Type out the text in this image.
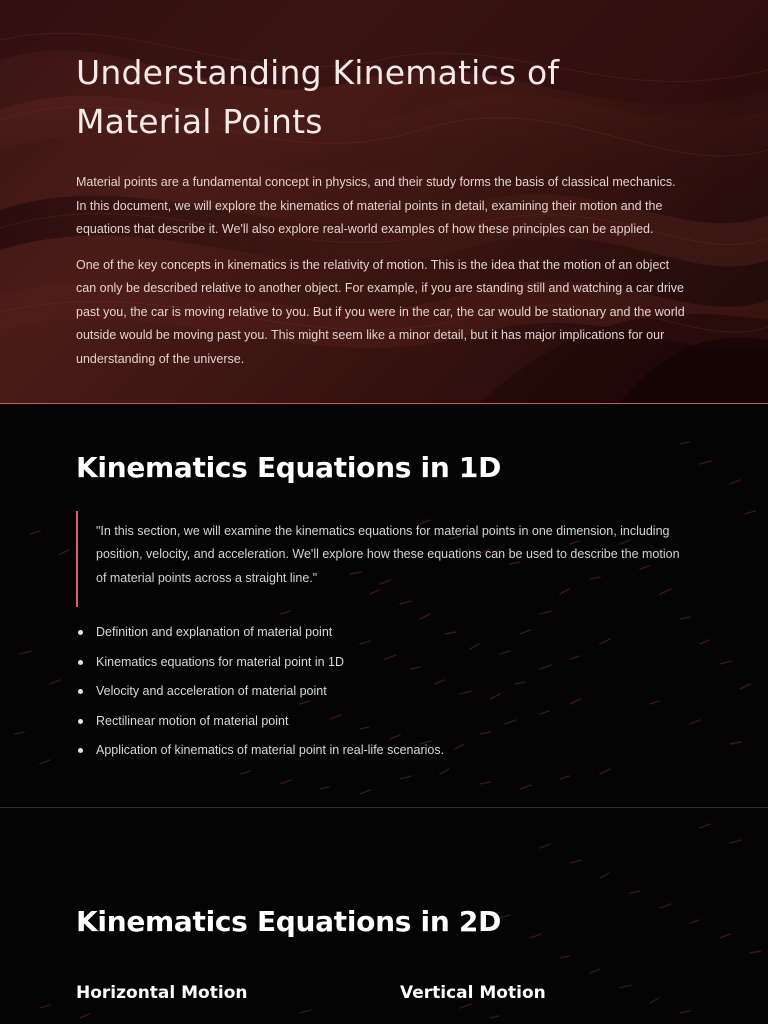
Understanding Kinematics of
Material Points

Material points are a fundamental concept in physics, and their study forms the basis of classical mechanics. In this document, we will explore the kinematics of material points in detail, examining their motion and the equations that describe it. We'll also explore real-world examples of how these principles can be applied.

One of the key concepts in kinematics is the relativity of motion. This is the idea that the motion of an object can only be described relative to another object. For example, if you are standing still and watching a car drive past you, the car is moving relative to you. But if you were in the car, the car would be stationary and the world outside would be moving past you. This might seem like a minor detail, but it has major implications for our understanding of the universe.

Kinematics Equations in 1D

"In this section, we will examine the kinematics equations for material points in one dimension, including position, velocity, and acceleration. We'll explore how these equations can be used to describe the motion of material points across a straight line."

Definition and explanation of material point
Kinematics equations for material point in 1D
Velocity and acceleration of material point
Rectilinear motion of material point
Application of kinematics of material point in real-life scenarios.
Kinematics Equations in 2D
Horizontal Motion	Vertical Motion
